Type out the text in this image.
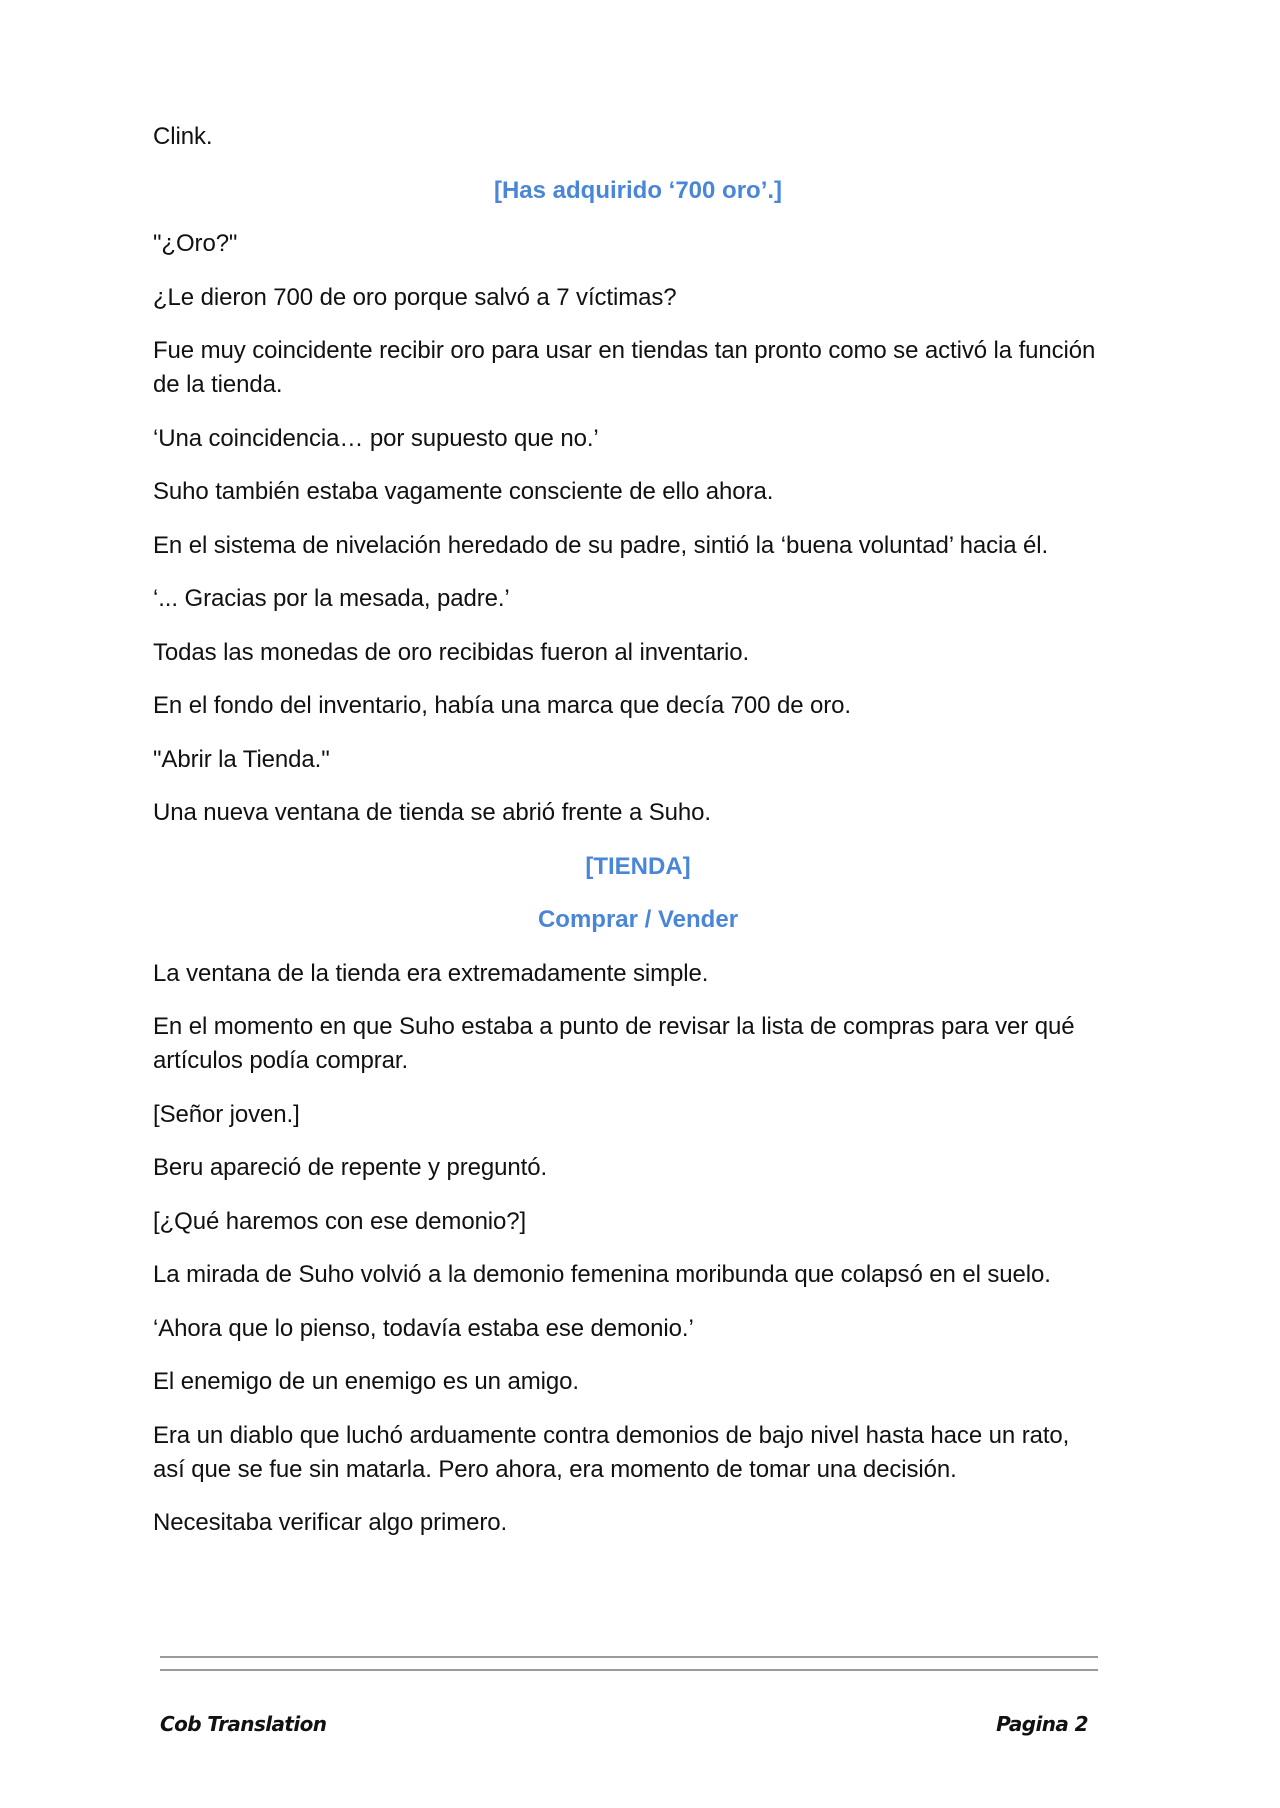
Clink.

[Has adquirido ‘700 oro’.]

"¿Oro?"

¿Le dieron 700 de oro porque salvó a 7 víctimas?

Fue muy coincidente recibir oro para usar en tiendas tan pronto como se activó la función de la tienda.

‘Una coincidencia… por supuesto que no.’

Suho también estaba vagamente consciente de ello ahora.

En el sistema de nivelación heredado de su padre, sintió la ‘buena voluntad’ hacia él.

‘... Gracias por la mesada, padre.’

Todas las monedas de oro recibidas fueron al inventario.

En el fondo del inventario, había una marca que decía 700 de oro.

"Abrir la Tienda."

Una nueva ventana de tienda se abrió frente a Suho.

[TIENDA]

Comprar / Vender

La ventana de la tienda era extremadamente simple.

En el momento en que Suho estaba a punto de revisar la lista de compras para ver qué artículos podía comprar.

[Señor joven.]

Beru apareció de repente y preguntó.

[¿Qué haremos con ese demonio?]

La mirada de Suho volvió a la demonio femenina moribunda que colapsó en el suelo.

‘Ahora que lo pienso, todavía estaba ese demonio.’

El enemigo de un enemigo es un amigo.

Era un diablo que luchó arduamente contra demonios de bajo nivel hasta hace un rato, así que se fue sin matarla. Pero ahora, era momento de tomar una decisión.

Necesitaba verificar algo primero.

Cob Translation	Pagina 2
